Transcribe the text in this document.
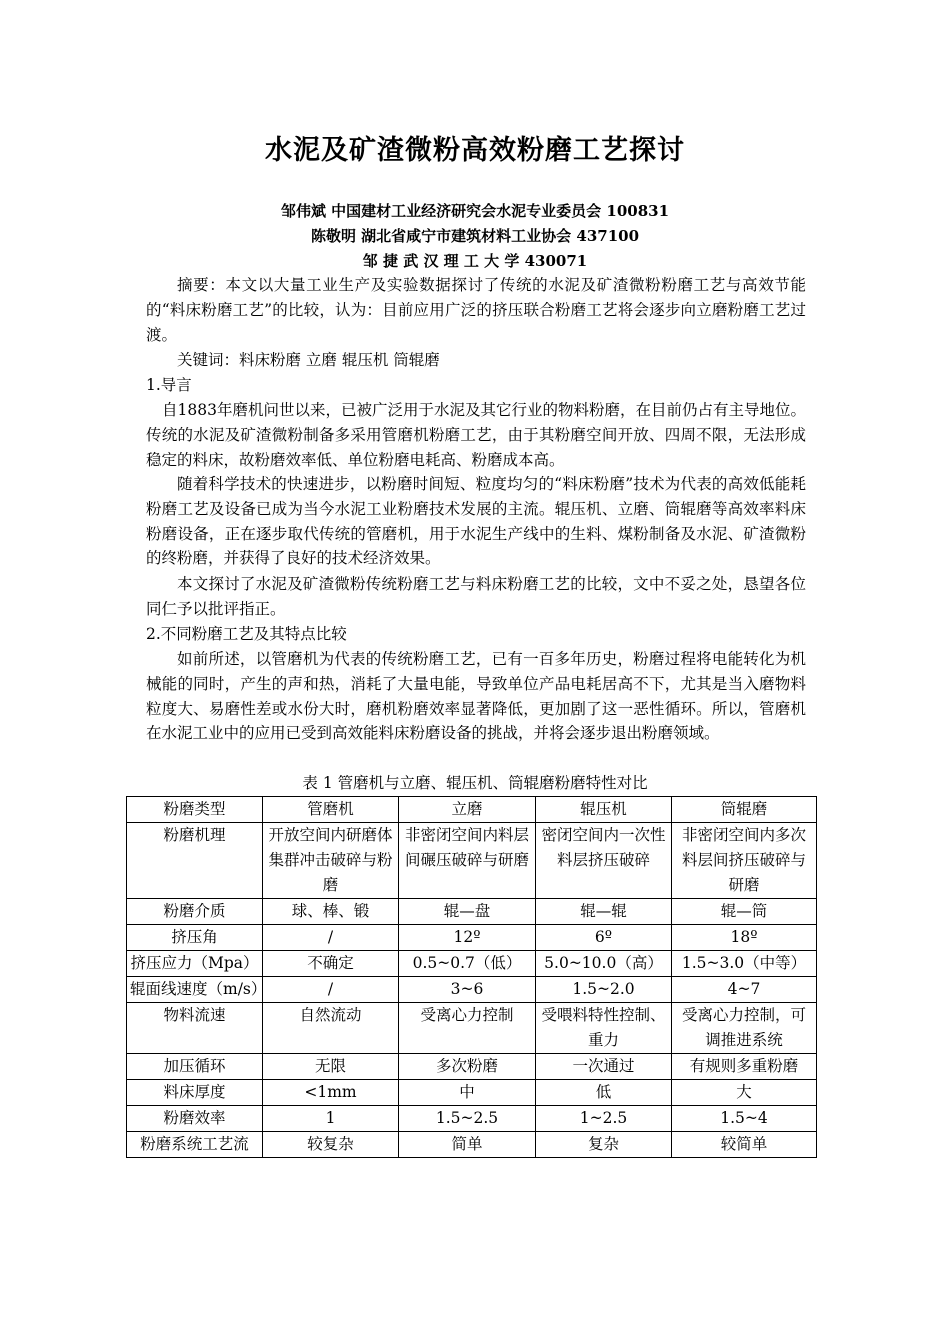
水泥及矿渣微粉高效粉磨工艺探讨
邹伟斌 中国建材工业经济研究会水泥专业委员会 100831
陈敬明 湖北省咸宁市建筑材料工业协会 437100
邹 捷 武 汉 理 工 大 学 430071

摘要：本文以大量工业生产及实验数据探讨了传统的水泥及矿渣微粉粉磨工艺与高效节能的“料床粉磨工艺”的比较，认为：目前应用广泛的挤压联合粉磨工艺将会逐步向立磨粉磨工艺过渡。

关键词：料床粉磨 立磨 辊压机 筒辊磨

1.导言

自1883年磨机问世以来，已被广泛用于水泥及其它行业的物料粉磨，在目前仍占有主导地位。传统的水泥及矿渣微粉制备多采用管磨机粉磨工艺，由于其粉磨空间开放、四周不限，无法形成稳定的料床，故粉磨效率低、单位粉磨电耗高、粉磨成本高。

随着科学技术的快速进步，以粉磨时间短、粒度均匀的“料床粉磨”技术为代表的高效低能耗粉磨工艺及设备已成为当今水泥工业粉磨技术发展的主流。辊压机、立磨、筒辊磨等高效率料床粉磨设备，正在逐步取代传统的管磨机，用于水泥生产线中的生料、煤粉制备及水泥、矿渣微粉的终粉磨，并获得了良好的技术经济效果。

本文探讨了水泥及矿渣微粉传统粉磨工艺与料床粉磨工艺的比较，文中不妥之处，恳望各位同仁予以批评指正。

2.不同粉磨工艺及其特点比较

如前所述，以管磨机为代表的传统粉磨工艺，已有一百多年历史，粉磨过程将电能转化为机械能的同时，产生的声和热，消耗了大量电能，导致单位产品电耗居高不下，尤其是当入磨物料粒度大、易磨性差或水份大时，磨机粉磨效率显著降低，更加剧了这一恶性循环。所以，管磨机在水泥工业中的应用已受到高效能料床粉磨设备的挑战，并将会逐步退出粉磨领域。

表 1 管磨机与立磨、辊压机、筒辊磨粉磨特性对比
粉磨类型	管磨机	立磨	辊压机	筒辊磨
粉磨机理	开放空间内研磨体集群冲击破碎与粉磨	非密闭空间内料层间碾压破碎与研磨	密闭空间内一次性料层挤压破碎	非密闭空间内多次料层间挤压破碎与研磨
粉磨介质	球、棒、锻	辊—盘	辊—辊	辊—筒
挤压角	/	12º	6º	18º
挤压应力（Mpa）	不确定	0.5~0.7（低）	5.0~10.0（高）	1.5~3.0（中等）
辊面线速度（m/s）	/	3~6	1.5~2.0	4~7
物料流速	自然流动	受离心力控制	受喂料特性控制、重力	受离心力控制，可调推进系统
加压循环	无限	多次粉磨	一次通过	有规则多重粉磨
料床厚度	<1mm	中	低	大
粉磨效率	1	1.5~2.5	1~2.5	1.5~4
粉磨系统工艺流	较复杂	简单	复杂	较简单
